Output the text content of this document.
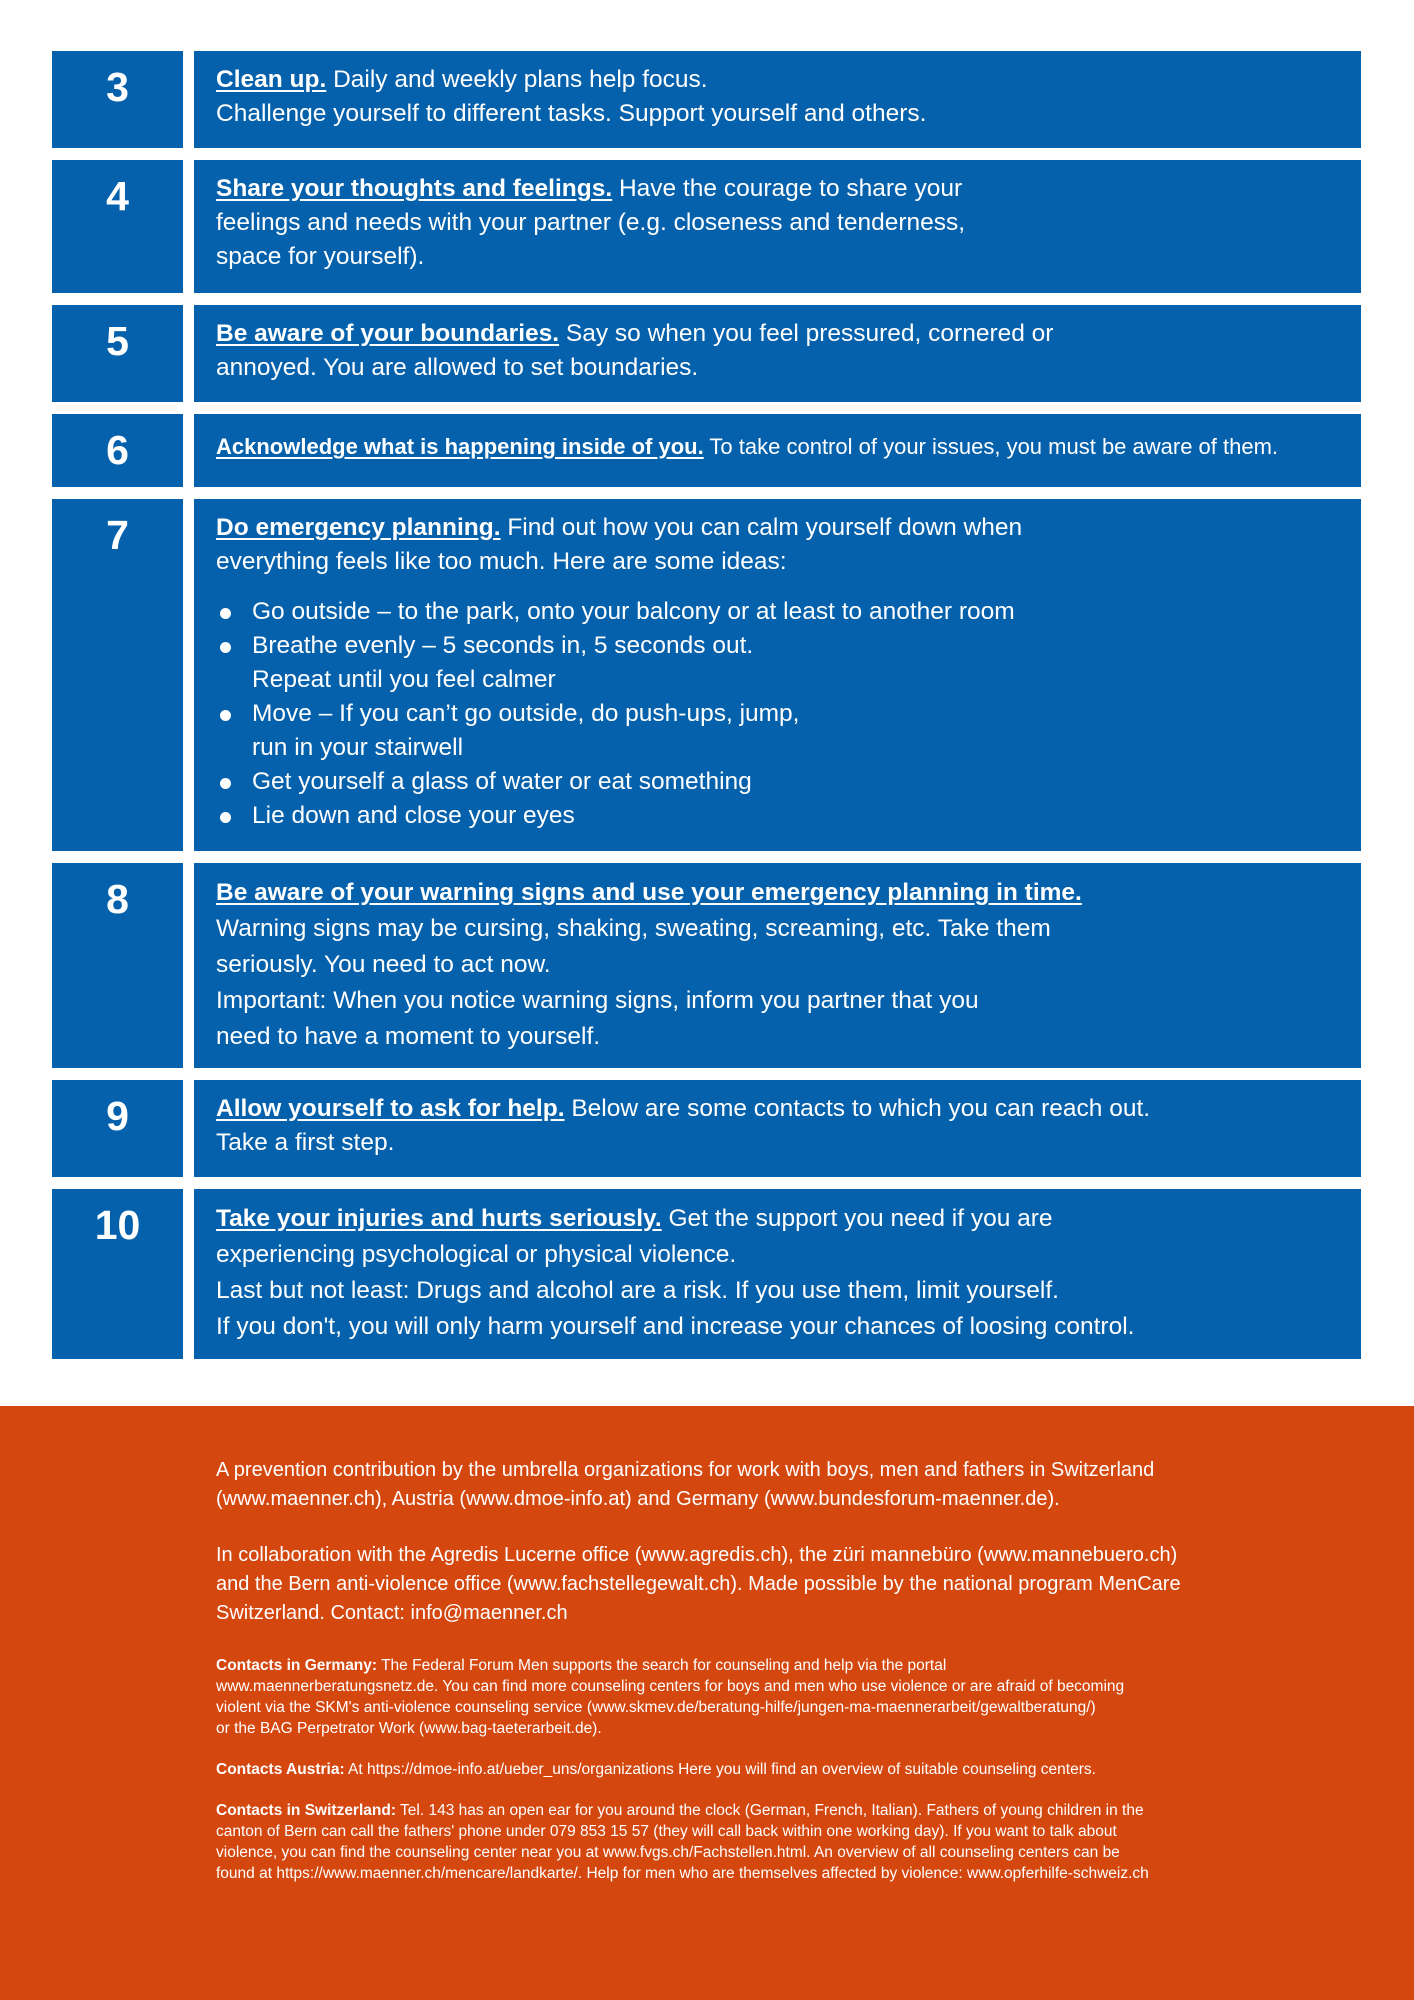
3	Clean up. Daily and weekly plans help focus.

Challenge yourself to different tasks. Support yourself and others.

4	Share your thoughts and feelings. Have the courage to share your

feelings and needs with your partner (e.g. closeness and tenderness,

space for yourself).

5	Be aware of your boundaries. Say so when you feel pressured, cornered or

annoyed. You are allowed to set boundaries.

6	Acknowledge what is happening inside of you. To take control of your issues, you must be aware of them.

7	Do emergency planning. Find out how you can calm yourself down when

everything feels like too much. Here are some ideas:

Go outside – to the park, onto your balcony or at least to another room
Breathe evenly – 5 seconds in, 5 seconds out.
Repeat until you feel calmer
Move – If you can’t go outside, do push-ups, jump,
run in your stairwell
Get yourself a glass of water or eat something
Lie down and close your eyes
8	Be aware of your warning signs and use your emergency planning in time.

Warning signs may be cursing, shaking, sweating, screaming, etc. Take them

seriously. You need to act now.

Important: When you notice warning signs, inform you partner that you

need to have a moment to yourself.

9	Allow yourself to ask for help. Below are some contacts to which you can reach out.

Take a first step.

10	Take your injuries and hurts seriously. Get the support you need if you are

experiencing psychological or physical violence.

Last but not least: Drugs and alcohol are a risk. If you use them, limit yourself.

If you don't, you will only harm yourself and increase your chances of loosing control.

A prevention contribution by the umbrella organizations for work with boys, men and fathers in Switzerland

(www.maenner.ch), Austria (www.dmoe-info.at) and Germany (www.bundesforum-maenner.de).

In collaboration with the Agredis Lucerne office (www.agredis.ch), the züri mannebüro (www.mannebuero.ch)

and the Bern anti-violence office (www.fachstellegewalt.ch). Made possible by the national program MenCare

Switzerland. Contact: info@maenner.ch

Contacts in Germany: The Federal Forum Men supports the search for counseling and help via the portal

www.maennerberatungsnetz.de. You can find more counseling centers for boys and men who use violence or are afraid of becoming

violent via the SKM's anti-violence counseling service (www.skmev.de/beratung-hilfe/jungen-ma-maennerarbeit/gewaltberatung/)

or the BAG Perpetrator Work (www.bag-taeterarbeit.de).

Contacts Austria: At https://dmoe-info.at/ueber_uns/organizations Here you will find an overview of suitable counseling centers.

Contacts in Switzerland: Tel. 143 has an open ear for you around the clock (German, French, Italian). Fathers of young children in the

canton of Bern can call the fathers' phone under 079 853 15 57 (they will call back within one working day). If you want to talk about

violence, you can find the counseling center near you at www.fvgs.ch/Fachstellen.html. An overview of all counseling centers can be

found at https://www.maenner.ch/mencare/landkarte/. Help for men who are themselves affected by violence: www.opferhilfe-schweiz.ch
